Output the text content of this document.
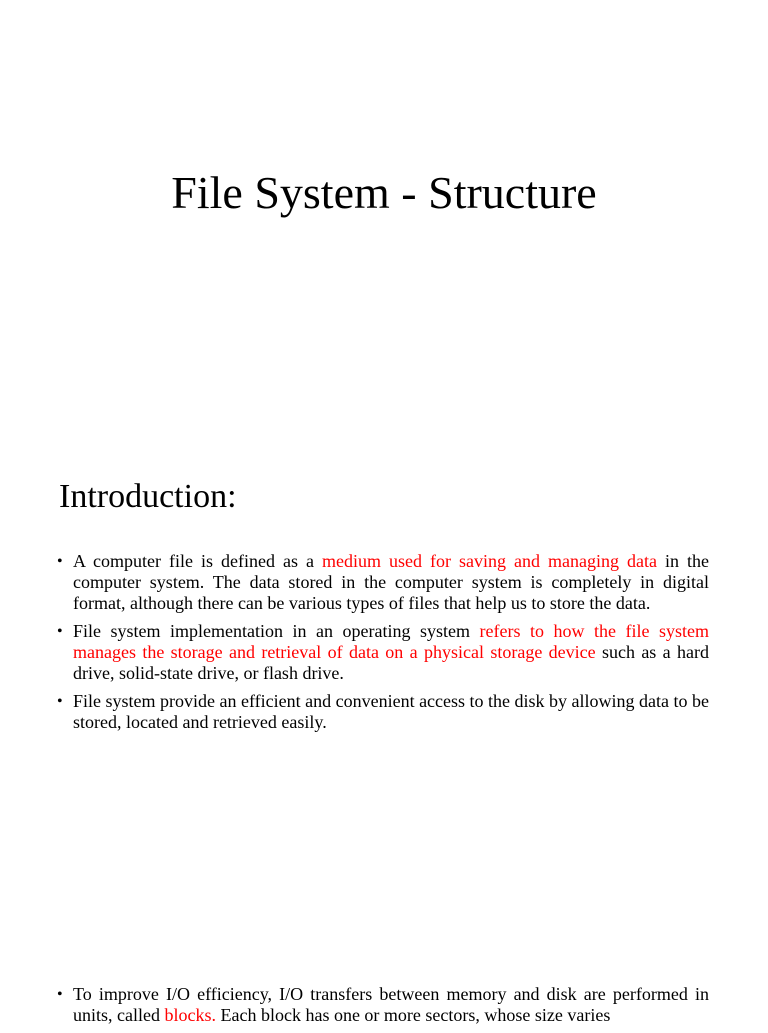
File System - Structure
Introduction:
• A computer file is defined as a medium used for saving and managing data in the computer system. The data stored in the computer system is completely in digital format, although there can be various types of files that help us to store the data.
• File system implementation in an operating system refers to how the file system manages the storage and retrieval of data on a physical storage device such as a hard drive, solid-state drive, or flash drive.
• File system provide an efficient and convenient access to the disk by allowing data to be stored, located and retrieved easily.
• To improve I/O efficiency, I/O transfers between memory and disk are performed in units, called blocks. Each block has one or more sectors, whose size varies
